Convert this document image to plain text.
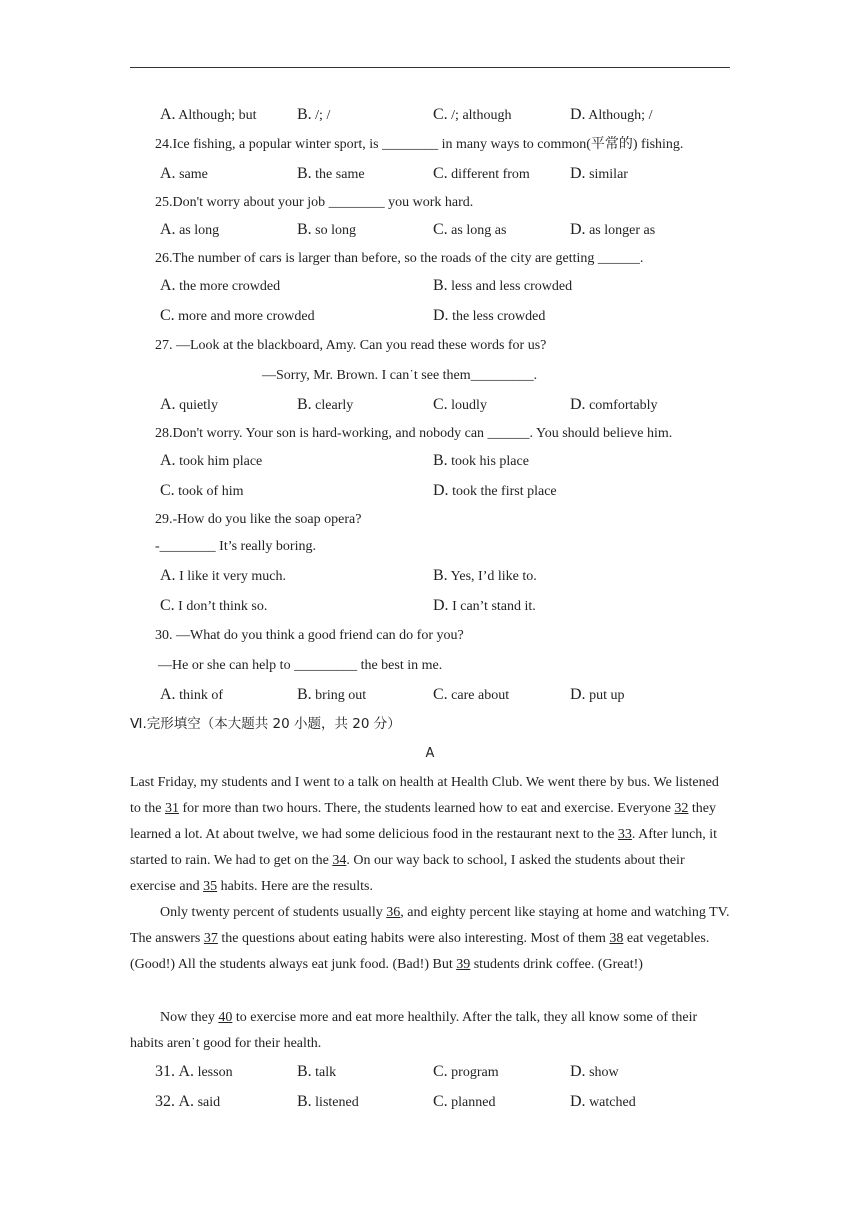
A. Although; but	B. /; /	C. /; although	D. Although; /
24.Ice fishing, a popular winter sport, is ________ in many ways to common(平常的) fishing.
A. same	B. the same	C. different from	D. similar
25.Don't worry about your job ________ you work hard.
A. as long	B. so long	C. as long as	D. as longer as
26.The number of cars is larger than before, so the roads of the city are getting ______.
A. the more crowded	B. less and less crowded
C. more and more crowded	D. the less crowded
27. —Look at the blackboard, Amy. Can you read these words for us?
—Sorry, Mr. Brown. I can˙t see them_________.
A. quietly	B. clearly	C. loudly	D. comfortably
28.Don't worry. Your son is hard-working, and nobody can ______. You should believe him.
A. took him place	B. took his place
C. took of him	D. took the first place
29.-How do you like the soap opera?
-________ It’s really boring.
A. I like it very much.	B. Yes, I’d like to.
C. I don’t think so.	D. I can’t stand it.
30. —What do you think a good friend can do for you?
—He or she can help to _________ the best in me.
A. think of	B. bring out	C. care about	D. put up
Ⅵ.完形填空（本大题共 20 小题，共 20 分）
A
Last Friday, my students and I went to a talk on health at Health Club. We went there by bus. We listened to the 31 for more than two hours. There, the students learned how to eat and exercise. Everyone 32 they learned a lot. At about twelve, we had some delicious food in the restaurant next to the 33. After lunch, it started to rain. We had to get on the 34. On our way back to school, I asked the students about their exercise and 35 habits. Here are the results.
Only twenty percent of students usually 36, and eighty percent like staying at home and watching TV. The answers 37 the questions about eating habits were also interesting. Most of them 38 eat vegetables. (Good!) All the students always eat junk food. (Bad!) But 39 students drink coffee. (Great!)
Now they 40 to exercise more and eat more healthily. After the talk, they all know some of their habits aren˙t good for their health.
31. A. lesson	B. talk	C. program	D. show
32. A. said	B. listened	C. planned	D. watched
